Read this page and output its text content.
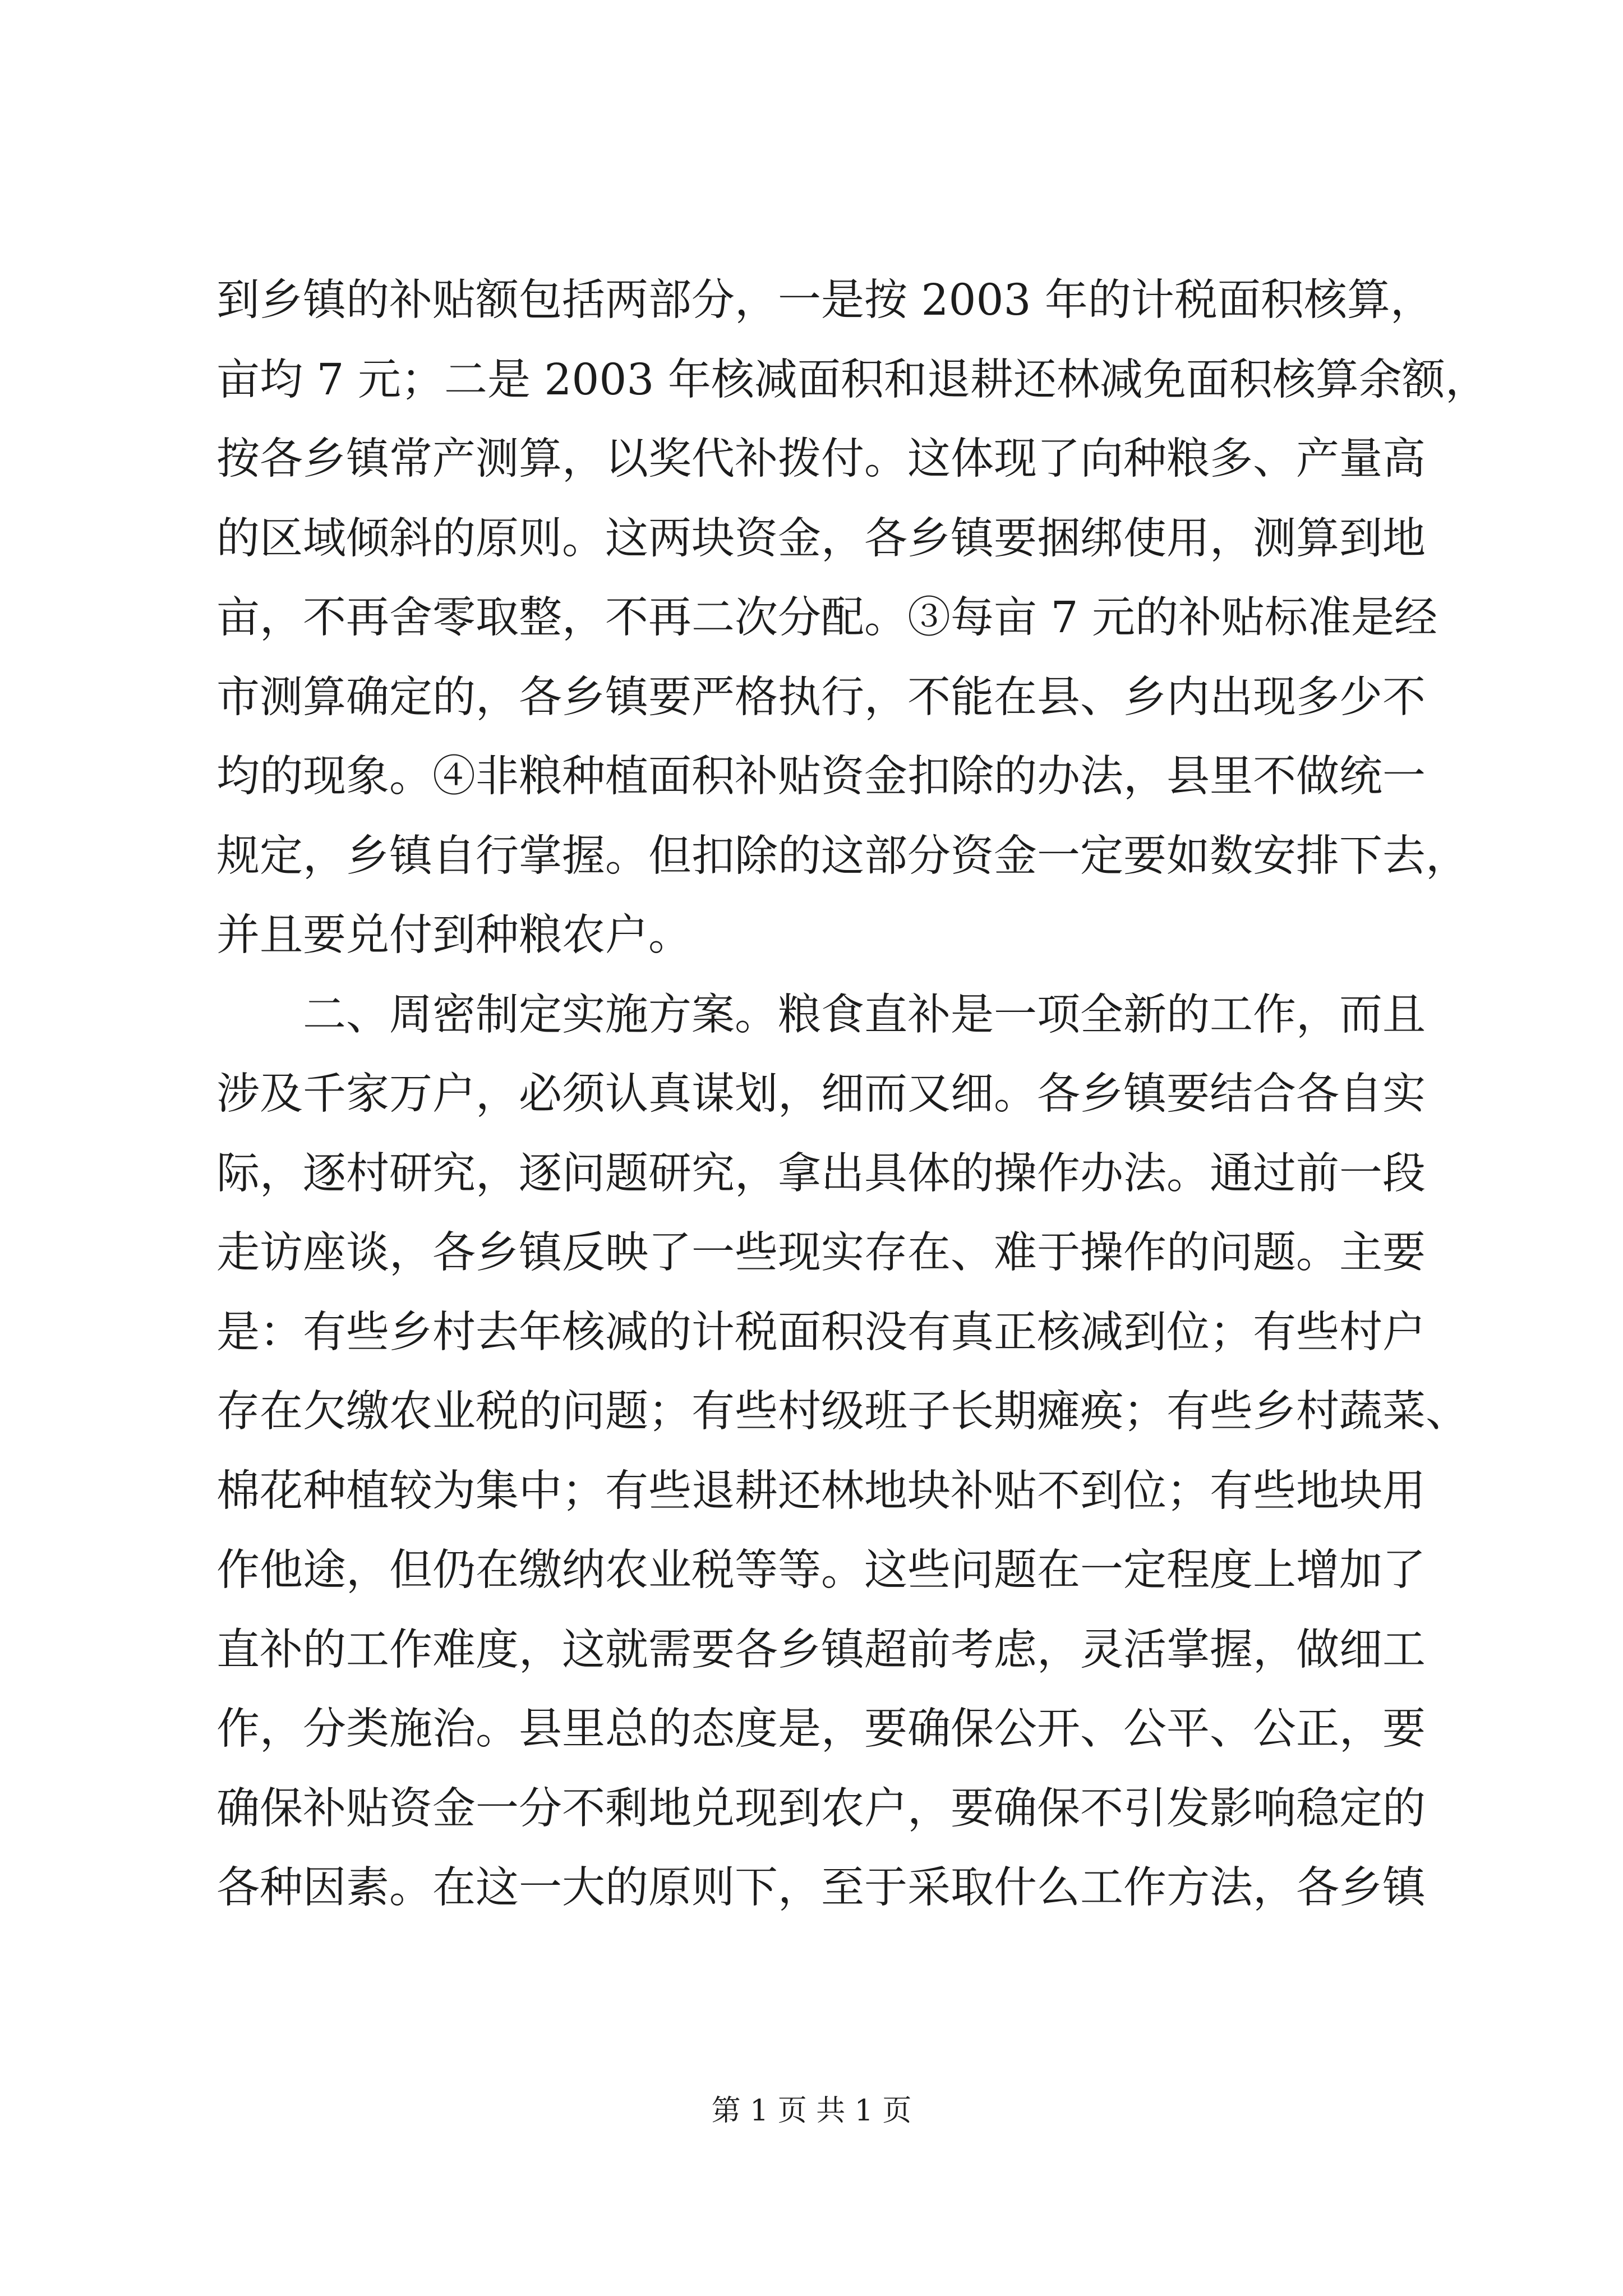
到乡镇的补贴额包括两部分，一是按 2003 年的计税面积核算，
亩均 7 元；二是 2003 年核减面积和退耕还林减免面积核算余额，
按各乡镇常产测算，以奖代补拨付。这体现了向种粮多、产量高
的区域倾斜的原则。这两块资金，各乡镇要捆绑使用，测算到地
亩，不再舍零取整，不再二次分配。③每亩 7 元的补贴标准是经
市测算确定的，各乡镇要严格执行，不能在县、乡内出现多少不
均的现象。④非粮种植面积补贴资金扣除的办法，县里不做统一
规定，乡镇自行掌握。但扣除的这部分资金一定要如数安排下去，
并且要兑付到种粮农户。
二、周密制定实施方案。粮食直补是一项全新的工作，而且
涉及千家万户，必须认真谋划，细而又细。各乡镇要结合各自实
际，逐村研究，逐问题研究，拿出具体的操作办法。通过前一段
走访座谈，各乡镇反映了一些现实存在、难于操作的问题。主要
是：有些乡村去年核减的计税面积没有真正核减到位；有些村户
存在欠缴农业税的问题；有些村级班子长期瘫痪；有些乡村蔬菜、
棉花种植较为集中；有些退耕还林地块补贴不到位；有些地块用
作他途，但仍在缴纳农业税等等。这些问题在一定程度上增加了
直补的工作难度，这就需要各乡镇超前考虑，灵活掌握，做细工
作，分类施治。县里总的态度是，要确保公开、公平、公正，要
确保补贴资金一分不剩地兑现到农户，要确保不引发影响稳定的
各种因素。在这一大的原则下，至于采取什么工作方法，各乡镇
第 1 页 共 1 页
